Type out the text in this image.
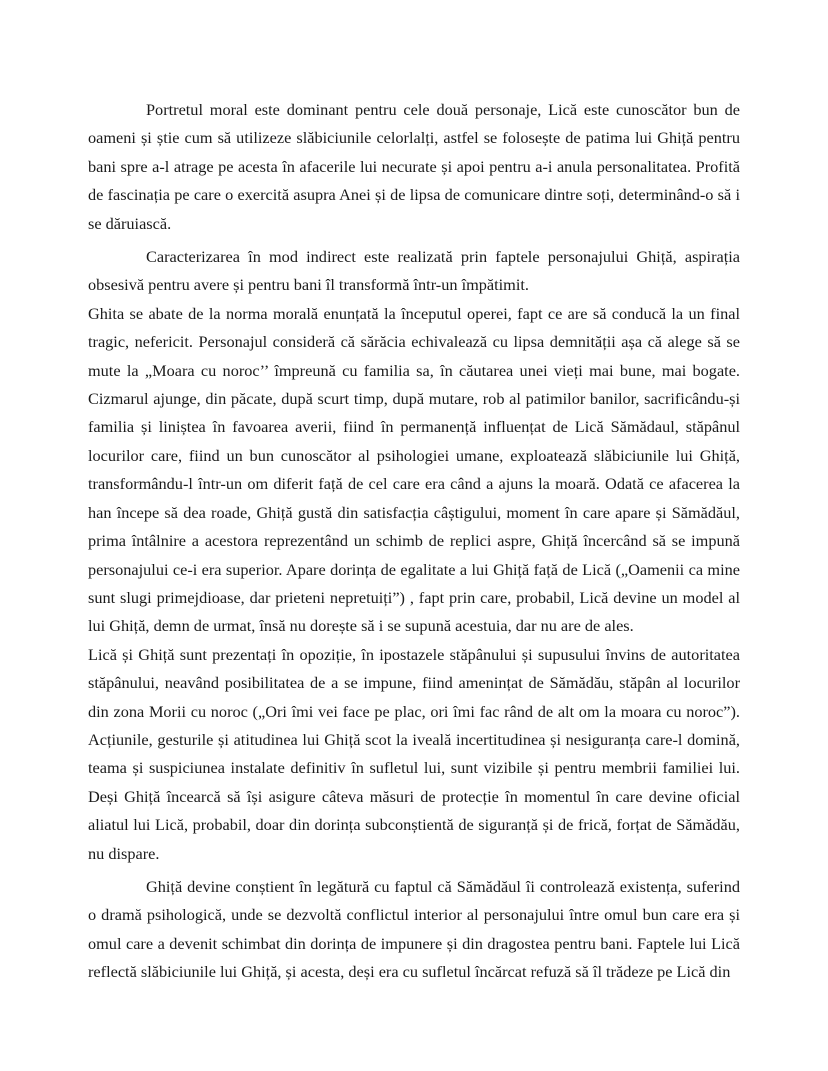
Portretul moral este dominant pentru cele două personaje, Lică este cunoscător bun de oameni și știe cum să utilizeze slăbiciunile celorlalți, astfel se folosește de patima lui Ghiță pentru bani spre a-l atrage pe acesta în afacerile lui necurate și apoi pentru a-i anula personalitatea. Profită de fascinația pe care o exercită asupra Anei și de lipsa de comunicare dintre soți, determinând-o să i se dăruiască.

Caracterizarea în mod indirect este realizată prin faptele personajului Ghiță, aspirația obsesivă pentru avere și pentru bani îl transformă într-un împătimit.

Ghita se abate de la norma morală enunțată la începutul operei, fapt ce are să conducă la un final tragic, nefericit. Personajul consideră că sărăcia echivalează cu lipsa demnității așa că alege să se mute la „Moara cu noroc’’ împreună cu familia sa, în căutarea unei vieți mai bune, mai bogate. Cizmarul ajunge, din păcate, după scurt timp, după mutare, rob al patimilor banilor, sacrificându-și familia și liniștea în favoarea averii, fiind în permanență influențat de Lică Sămădaul, stăpânul locurilor care, fiind un bun cunoscător al psihologiei umane, exploatează slăbiciunile lui Ghiță, transformându-l într-un om diferit față de cel care era când a ajuns la moară. Odată ce afacerea la han începe să dea roade, Ghiță gustă din satisfacția câștigului, moment în care apare și Sămădăul, prima întâlnire a acestora reprezentând un schimb de replici aspre, Ghiță încercând să se impună personajului ce-i era superior. Apare dorința de egalitate a lui Ghiță față de Lică („Oamenii ca mine sunt slugi primejdioase, dar prieteni nepretuiți”) , fapt prin care, probabil, Lică devine un model al lui Ghiță, demn de urmat, însă nu dorește să i se supună acestuia, dar nu are de ales.

Lică și Ghiță sunt prezentați în opoziție, în ipostazele stăpânului și supusului învins de autoritatea stăpânului, neavând posibilitatea de a se impune, fiind amenințat de Sămădău, stăpân al locurilor din zona Morii cu noroc („Ori îmi vei face pe plac, ori îmi fac rând de alt om la moara cu noroc”). Acțiunile, gesturile și atitudinea lui Ghiță scot la iveală incertitudinea și nesiguranța care-l domină, teama și suspiciunea instalate definitiv în sufletul lui, sunt vizibile și pentru membrii familiei lui. Deși Ghiță încearcă să își asigure câteva măsuri de protecție în momentul în care devine oficial aliatul lui Lică, probabil, doar din dorința subconștientă de siguranță și de frică, forțat de Sămădău, nu dispare.

Ghiță devine conștient în legătură cu faptul că Sămădăul îi controlează existența, suferind o dramă psihologică, unde se dezvoltă conflictul interior al personajului între omul bun care era și omul care a devenit schimbat din dorința de impunere și din dragostea pentru bani. Faptele lui Lică reflectă slăbiciunile lui Ghiță, și acesta, deși era cu sufletul încărcat refuză să îl trădeze pe Lică din
